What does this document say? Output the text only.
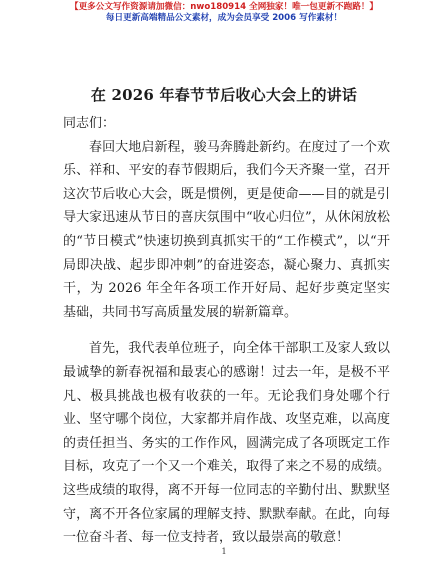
【更多公文写作资源请加微信：nwo180914 全网独家！唯一包更新不跑路！】
每日更新高端精品公文素材，成为会员享受 2006 写作素材！
在 2026 年春节节后收心大会上的讲话

同志们：

春回大地启新程，骏马奔腾赴新约。在度过了一个欢乐、祥和、平安的春节假期后，我们今天齐聚一堂，召开这次节后收心大会，既是惯例，更是使命——目的就是引导大家迅速从节日的喜庆氛围中“收心归位”，从休闲放松的“节日模式”快速切换到真抓实干的“工作模式”，以“开局即决战、起步即冲刺”的奋进姿态，凝心聚力、真抓实干，为 2026 年全年各项工作开好局、起好步奠定坚实基础，共同书写高质量发展的崭新篇章。

首先，我代表单位班子，向全体干部职工及家人致以最诚挚的新春祝福和最衷心的感谢！过去一年，是极不平凡、极具挑战也极有收获的一年。无论我们身处哪个行业、坚守哪个岗位，大家都并肩作战、攻坚克难，以高度的责任担当、务实的工作作风，圆满完成了各项既定工作目标，攻克了一个又一个难关，取得了来之不易的成绩。这些成绩的取得，离不开每一位同志的辛勤付出、默默坚守，离不开各位家属的理解支持、默默奉献。在此，向每一位奋斗者、每一位支持者，致以最崇高的敬意！

1
